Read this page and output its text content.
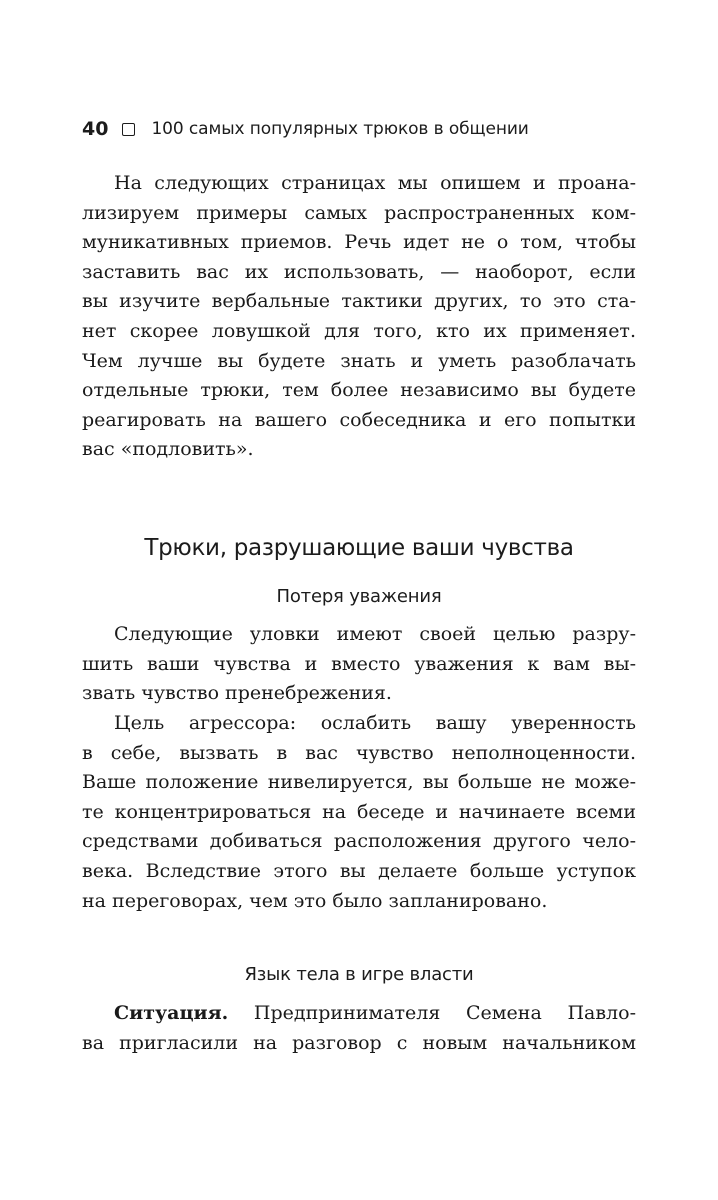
40	100 самых популярных трюков в общении
На следующих страницах мы опишем и проана-
лизируем примеры самых распространенных ком-
муникативных приемов. Речь идет не о том, чтобы
заставить вас их использовать, — наоборот, если
вы изучите вербальные тактики других, то это ста-
нет скорее ловушкой для того, кто их применяет.
Чем лучше вы будете знать и уметь разоблачать
отдельные трюки, тем более независимо вы будете
реагировать на вашего собеседника и его попытки
вас «подловить».
Трюки, разрушающие ваши чувства
Потеря уважения
Следующие уловки имеют своей целью разру-
шить ваши чувства и вместо уважения к вам вы-
звать чувство пренебрежения.
Цель агрессора: ослабить вашу уверенность
в себе, вызвать в вас чувство неполноценности.
Ваше положение нивелируется, вы больше не може-
те концентрироваться на беседе и начинаете всеми
средствами добиваться расположения другого чело-
века. Вследствие этого вы делаете больше уступок
на переговорах, чем это было запланировано.
Язык тела в игре власти
Ситуация. Предпринимателя Семена Павло-
ва пригласили на разговор с новым начальником
